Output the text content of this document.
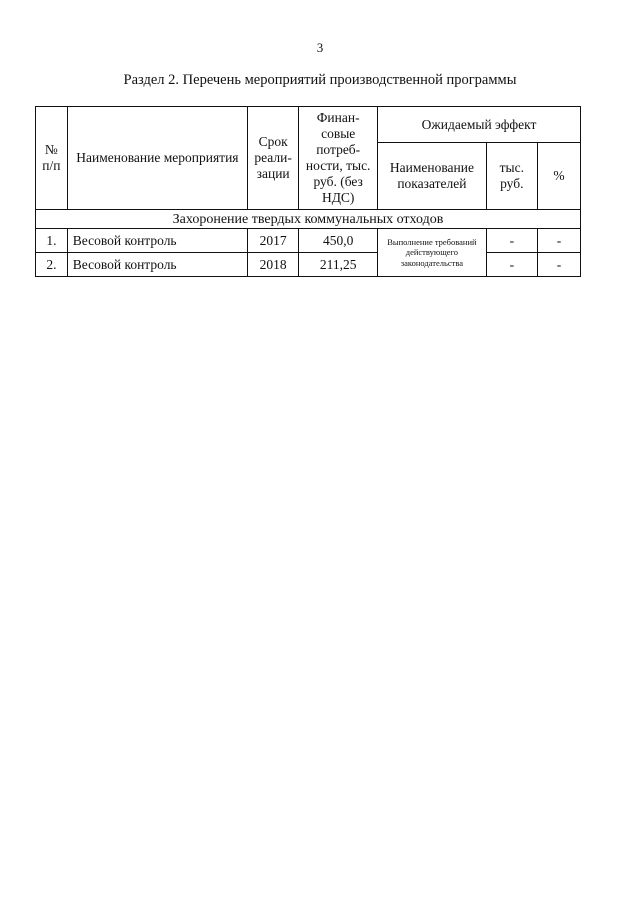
3
Раздел 2. Перечень мероприятий производственной программы
№ п/п	Наименование мероприятия	Срок реали-зации	Финан-совые потреб-ности, тыс. руб. (без НДС)	Ожидаемый эффект		
				Наименование показателей	тыс. руб.	%
Захоронение твердых коммунальных отходов						
1.	Весовой контроль	2017	450,0	Выполнение требований действующего законодательства	-	-
2.	Весовой контроль	2018	211,25		-	-
